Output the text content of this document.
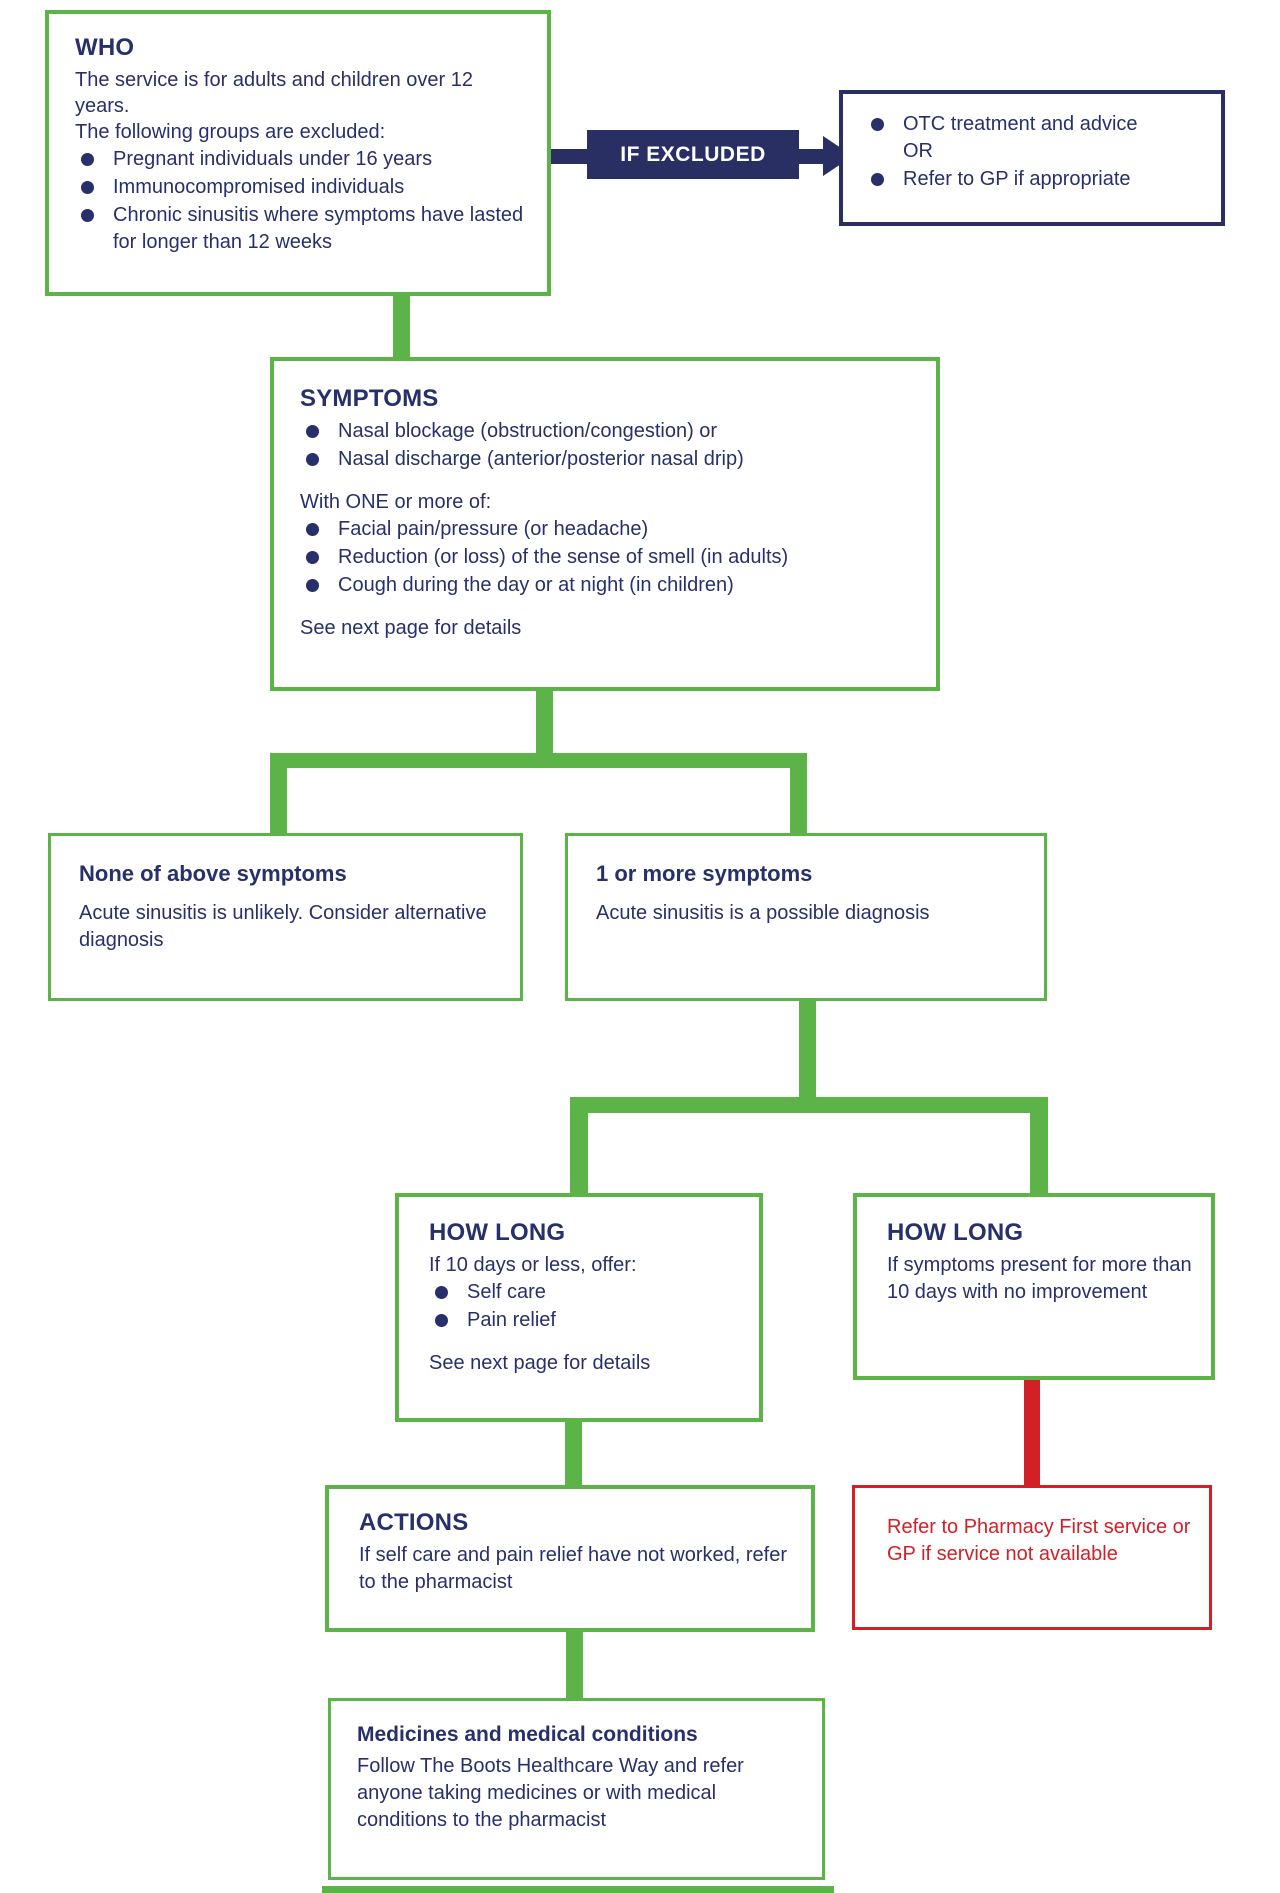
WHO
The service is for adults and children over 12 years.
The following groups are excluded:
Pregnant individuals under 16 years
Immunocompromised individuals
Chronic sinusitis where symptoms have lasted for longer than 12 weeks
IF EXCLUDED
OTC treatment and advice
OR
Refer to GP if appropriate
SYMPTOMS
Nasal blockage (obstruction/congestion) or
Nasal discharge (anterior/posterior nasal drip)
With ONE or more of:
Facial pain/pressure (or headache)
Reduction (or loss) of the sense of smell (in adults)
Cough during the day or at night (in children)
See next page for details
None of above symptoms
Acute sinusitis is unlikely. Consider alternative diagnosis
1 or more symptoms
Acute sinusitis is a possible diagnosis
HOW LONG
If 10 days or less, offer:
Self care
Pain relief
See next page for details
HOW LONG
If symptoms present for more than 10 days with no improvement
ACTIONS
If self care and pain relief have not worked, refer to the pharmacist
Refer to Pharmacy First service or GP if service not available
Medicines and medical conditions
Follow The Boots Healthcare Way and refer anyone taking medicines or with medical conditions to the pharmacist
